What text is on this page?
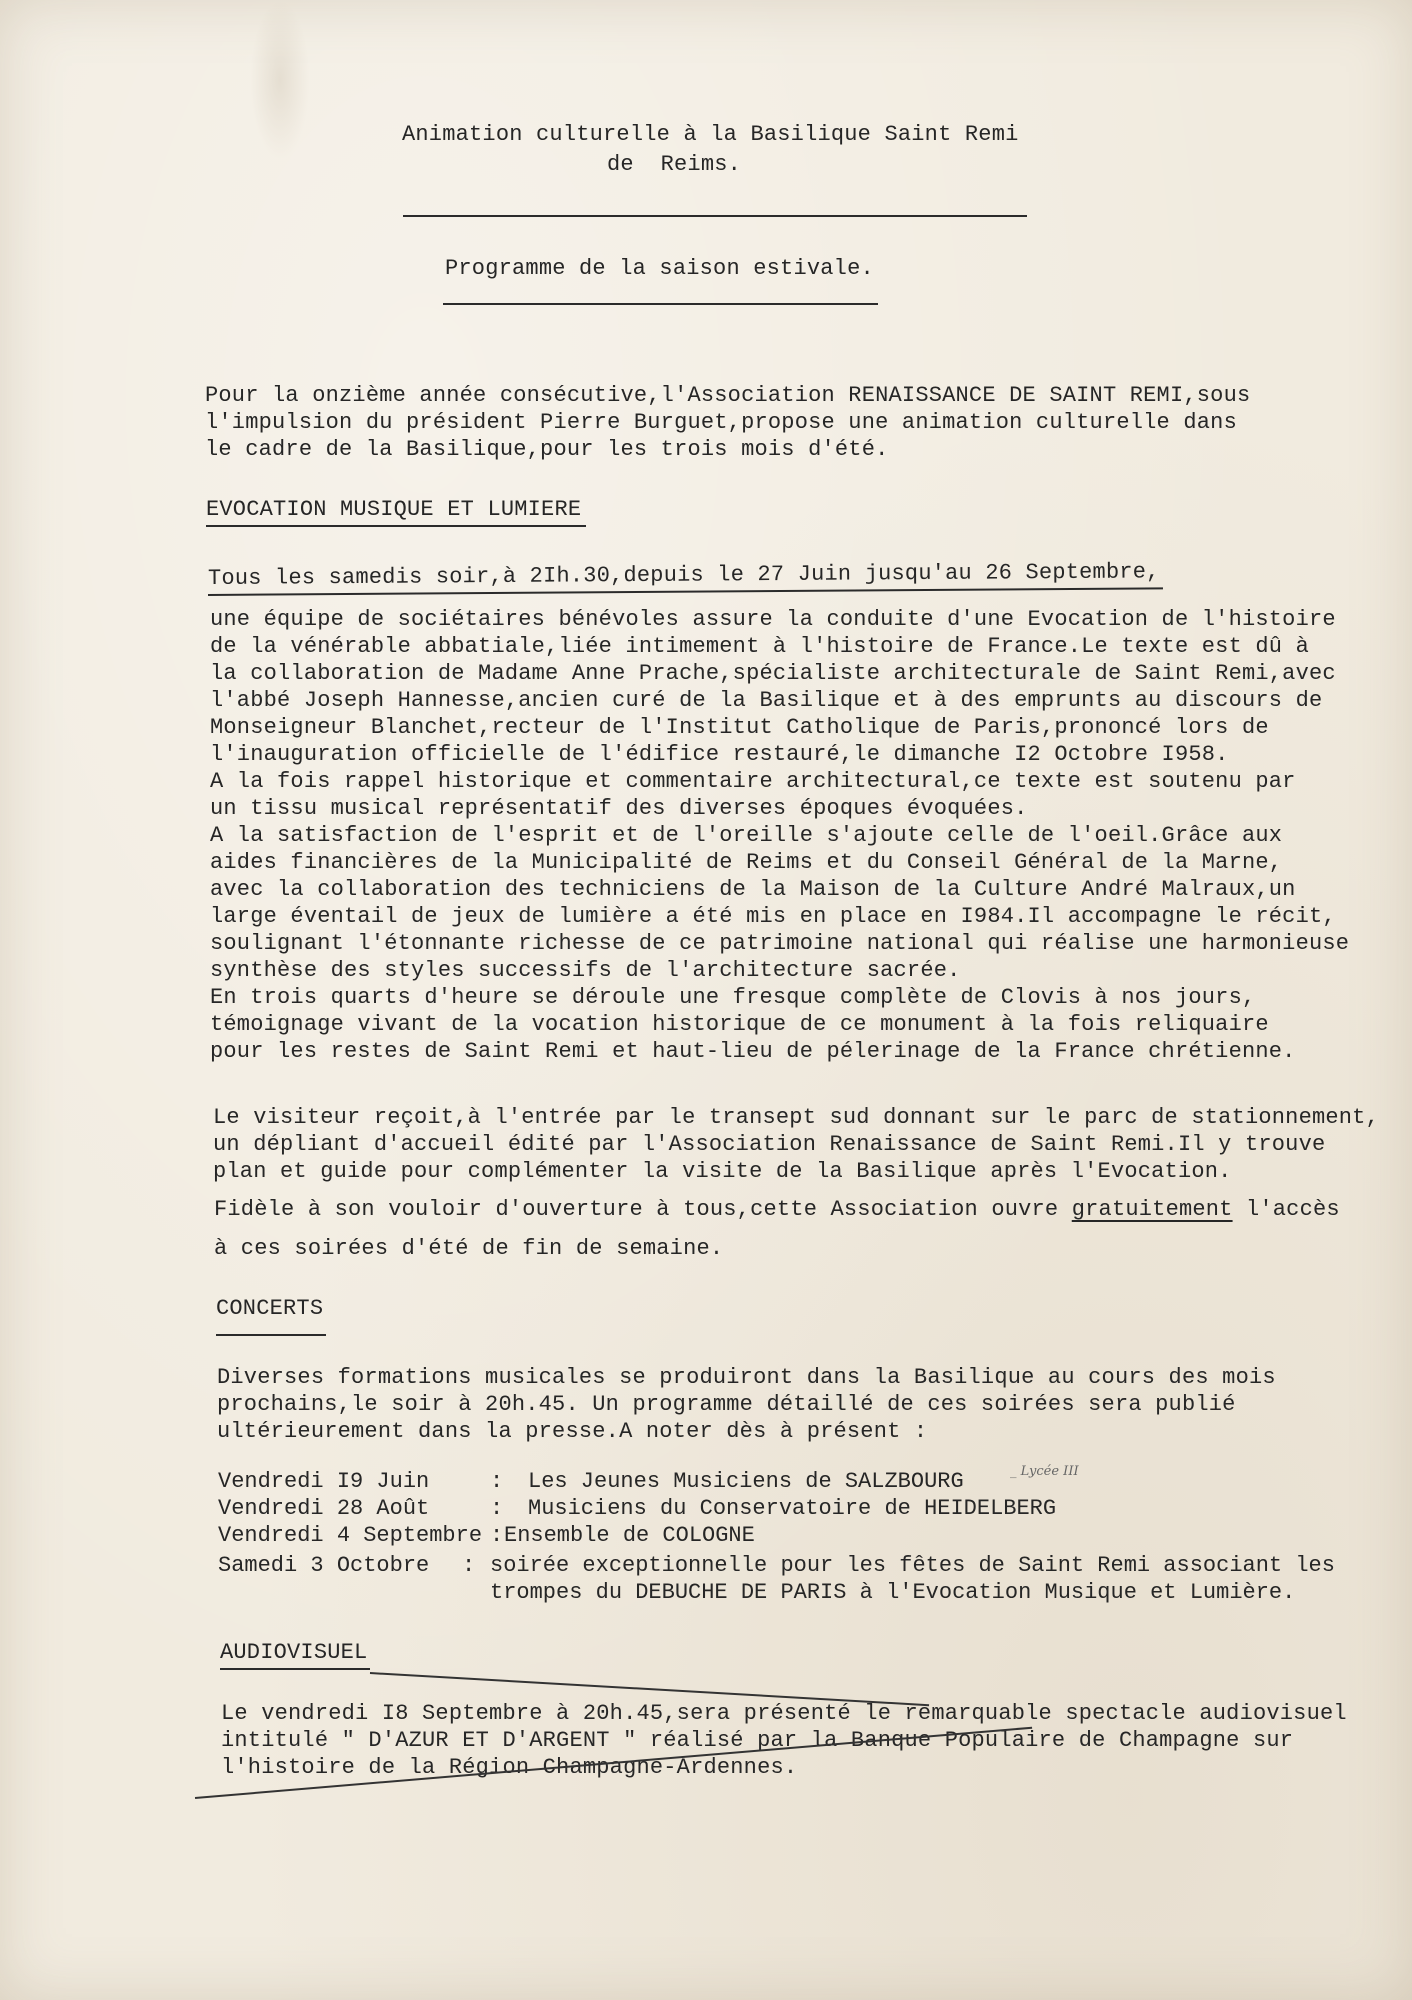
Animation culturelle à la Basilique Saint Remi
de  Reims.
Programme de la saison estivale.
Pour la onzième année consécutive,l'Association RENAISSANCE DE SAINT REMI,sous
l'impulsion du président Pierre Burguet,propose une animation culturelle dans
le cadre de la Basilique,pour les trois mois d'été.
EVOCATION MUSIQUE ET LUMIERE
Tous les samedis soir,à 2Ih.30,depuis le 27 Juin jusqu'au 26 Septembre,
une équipe de sociétaires bénévoles assure la conduite d'une Evocation de l'histoire
de la vénérable abbatiale,liée intimement à l'histoire de France.Le texte est dû à
la collaboration de Madame Anne Prache,spécialiste architecturale de Saint Remi,avec
l'abbé Joseph Hannesse,ancien curé de la Basilique et à des emprunts au discours de
Monseigneur Blanchet,recteur de l'Institut Catholique de Paris,prononcé lors de
l'inauguration officielle de l'édifice restauré,le dimanche I2 Octobre I958.
A la fois rappel historique et commentaire architectural,ce texte est soutenu par
un tissu musical représentatif des diverses époques évoquées.
A la satisfaction de l'esprit et de l'oreille s'ajoute celle de l'oeil.Grâce aux
aides financières de la Municipalité de Reims et du Conseil Général de la Marne,
avec la collaboration des techniciens de la Maison de la Culture André Malraux,un
large éventail de jeux de lumière a été mis en place en I984.Il accompagne le récit,
soulignant l'étonnante richesse de ce patrimoine national qui réalise une harmonieuse
synthèse des styles successifs de l'architecture sacrée.
En trois quarts d'heure se déroule une fresque complète de Clovis à nos jours,
témoignage vivant de la vocation historique de ce monument à la fois reliquaire
pour les restes de Saint Remi et haut-lieu de pélerinage de la France chrétienne.
Le visiteur reçoit,à l'entrée par le transept sud donnant sur le parc de stationnement,
un dépliant d'accueil édité par l'Association Renaissance de Saint Remi.Il y trouve
plan et guide pour complémenter la visite de la Basilique après l'Evocation.
Fidèle à son vouloir d'ouverture à tous,cette Association ouvre gratuitement l'accès
à ces soirées d'été de fin de semaine.
CONCERTS
Diverses formations musicales se produiront dans la Basilique au cours des mois
prochains,le soir à 20h.45. Un programme détaillé de ces soirées sera publié
ultérieurement dans la presse.A noter dès à présent :
Vendredi I9 Juin	: Les Jeunes Musiciens de SALZBOURG	_ Lycée III
Vendredi 28 Août	: Musiciens du Conservatoire de HEIDELBERG
Vendredi 4 Septembre : Ensemble de COLOGNE
Samedi 3 Octobre : soirée exceptionnelle pour les fêtes de Saint Remi associant les
trompes du DEBUCHE DE PARIS à l'Evocation Musique et Lumière.
AUDIOVISUEL
Le vendredi I8 Septembre à 20h.45,sera présenté le remarquable spectacle audiovisuel
intitulé " D'AZUR ET D'ARGENT " réalisé par la Banque Populaire de Champagne sur
l'histoire de la Région Champagne-Ardennes.
